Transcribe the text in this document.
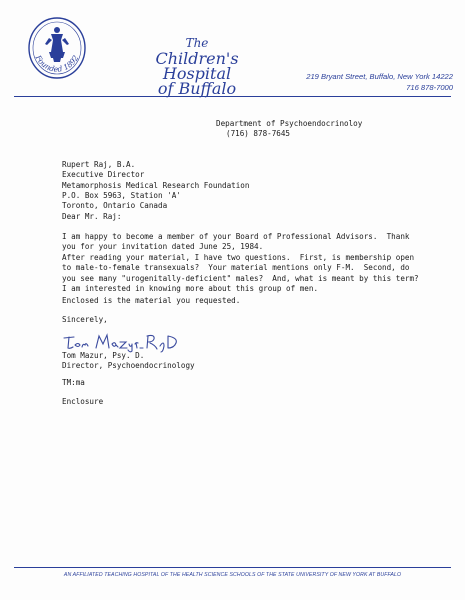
Founded 1892
The
Children's Hospital
of Buffalo
219 Bryant Street, Buffalo, New York 14222
716 878-7000
Department of Psychoendocrinoloy
(716) 878-7645
Rupert Raj, B.A.
Executive Director
Metamorphosis Medical Research Foundation
P.O. Box 5963, Station 'A'
Toronto, Ontario Canada
Dear Mr. Raj:
I am happy to become a member of your Board of Professional Advisors.  Thank
you for your invitation dated June 25, 1984.
After reading your material, I have two questions.  First, is membership open
to male-to-female transexuals?  Your material mentions only F-M.  Second, do
you see many "urogenitally-deficient" males?  And, what is meant by this term?
I am interested in knowing more about this group of men.
Enclosed is the material you requested.
Sincerely,
Tom Mazur, Psy. D.
Director, Psychoendocrinology
TM:ma
Enclosure
AN AFFILIATED TEACHING HOSPITAL OF THE HEALTH SCIENCE SCHOOLS OF THE STATE UNIVERSITY OF NEW YORK AT BUFFALO
